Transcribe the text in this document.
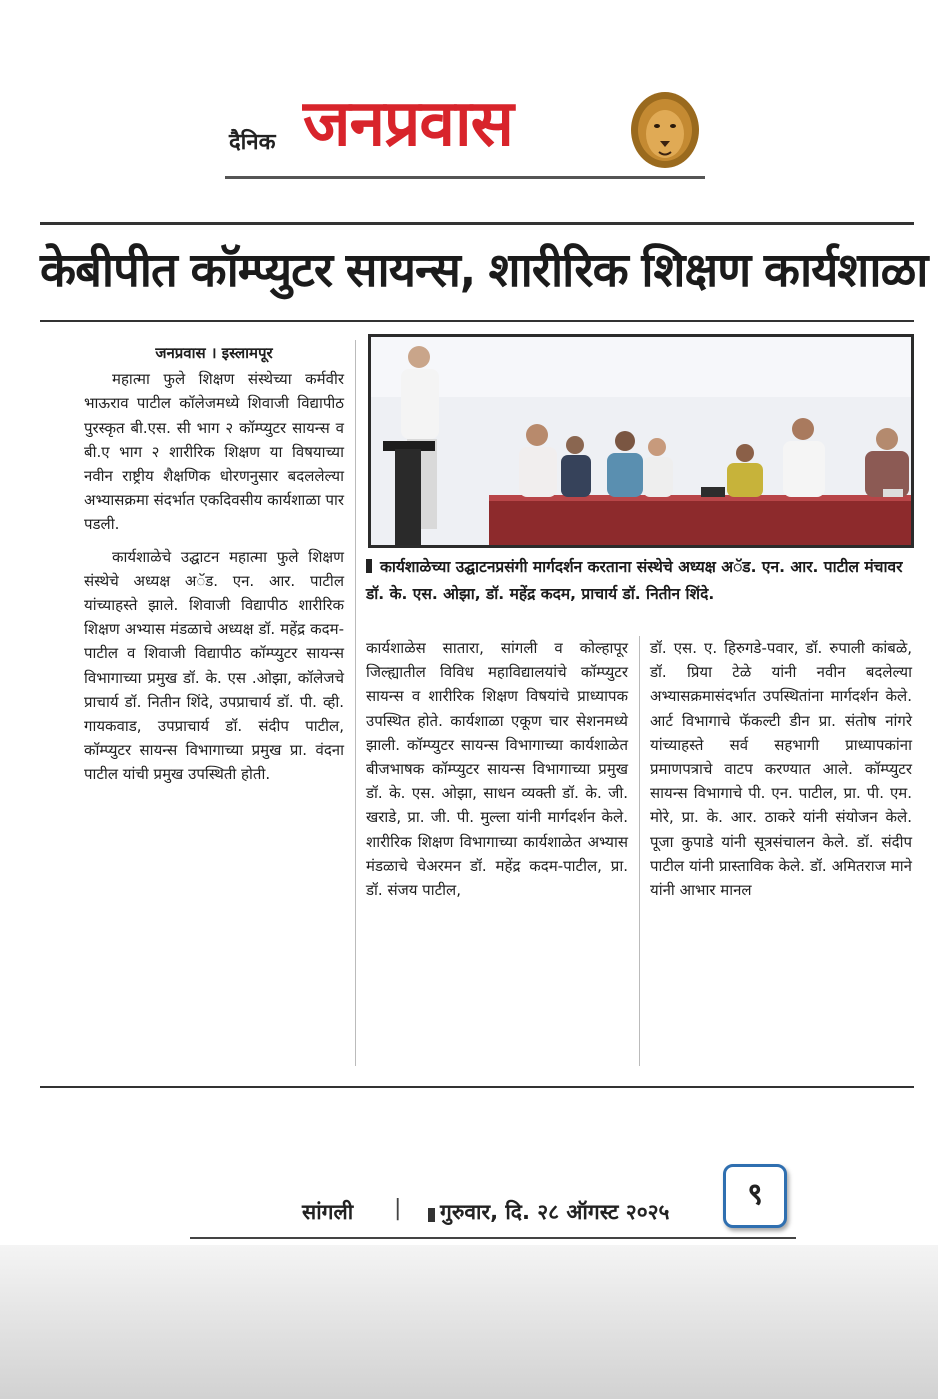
दैनिक जनप्रवास
केबीपीत कॉम्प्युटर सायन्स, शारीरिक शिक्षण कार्यशाळा

जनप्रवास । इस्लामपूर

महात्मा फुले शिक्षण संस्थेच्या कर्मवीर भाऊराव पाटील कॉलेजमध्ये शिवाजी विद्यापीठ पुरस्कृत बी.एस. सी भाग २ कॉम्प्युटर सायन्स व बी.ए भाग २ शारीरिक शिक्षण या विषयाच्या नवीन राष्ट्रीय शैक्षणिक धोरणनुसार बदललेल्या अभ्यासक्रमा संदर्भात एकदिवसीय कार्यशाळा पार पडली.

कार्यशाळेचे उद्घाटन महात्मा फुले शिक्षण संस्थेचे अध्यक्ष अॅड. एन. आर. पाटील यांच्याहस्ते झाले. शिवाजी विद्यापीठ शारीरिक शिक्षण अभ्यास मंडळाचे अध्यक्ष डॉ. महेंद्र कदम-पाटील व शिवाजी विद्यापीठ कॉम्प्युटर सायन्स विभागाच्या प्रमुख डॉ. के. एस .ओझा, कॉलेजचे प्राचार्य डॉ. नितीन शिंदे, उपप्राचार्य डॉ. पी. व्ही. गायकवाड, उपप्राचार्य डॉ. संदीप पाटील, कॉम्प्युटर सायन्स विभागाच्या प्रमुख प्रा. वंदना पाटील यांची प्रमुख उपस्थिती होती.

कार्यशाळेच्या उद्घाटनप्रसंगी मार्गदर्शन करताना संस्थेचे अध्यक्ष अॅड. एन. आर. पाटील मंचावर डॉ. के. एस. ओझा, डॉ. महेंद्र कदम, प्राचार्य डॉ. नितीन शिंदे.

कार्यशाळेस सातारा, सांगली व कोल्हापूर जिल्ह्यातील विविध महाविद्यालयांचे कॉम्प्युटर सायन्स व शारीरिक शिक्षण विषयांचे प्राध्यापक उपस्थित होते. कार्यशाळा एकूण चार सेशनमध्ये झाली. कॉम्प्युटर सायन्स विभागाच्या कार्यशाळेत बीजभाषक कॉम्प्युटर सायन्स विभागाच्या प्रमुख डॉ. के. एस. ओझा, साधन व्यक्ती डॉ. के. जी. खराडे, प्रा. जी. पी. मुल्ला यांनी मार्गदर्शन केले. शारीरिक शिक्षण विभागाच्या कार्यशाळेत अभ्यास मंडळाचे चेअरमन डॉ. महेंद्र कदम-पाटील, प्रा. डॉ. संजय पाटील,

डॉ. एस. ए. हिरुगडे-पवार, डॉ. रुपाली कांबळे, डॉ. प्रिया टेळे यांनी नवीन बदलेल्या अभ्यासक्रमासंदर्भात उपस्थितांना मार्गदर्शन केले. आर्ट विभागाचे फॅकल्टी डीन प्रा. संतोष नांगरे यांच्याहस्ते सर्व सहभागी प्राध्यापकांना प्रमाणपत्राचे वाटप करण्यात आले. कॉम्प्युटर सायन्स विभागाचे पी. एन. पाटील, प्रा. पी. एम. मोरे, प्रा. के. आर. ठाकरे यांनी संयोजन केले. पूजा कुपाडे यांनी सूत्रसंचालन केले. डॉ. संदीप पाटील यांनी प्रास्ताविक केले. डॉ. अमितराज माने यांनी आभार मानल

सांगली | गुरुवार, दि. २८ ऑगस्ट २०२५	९
